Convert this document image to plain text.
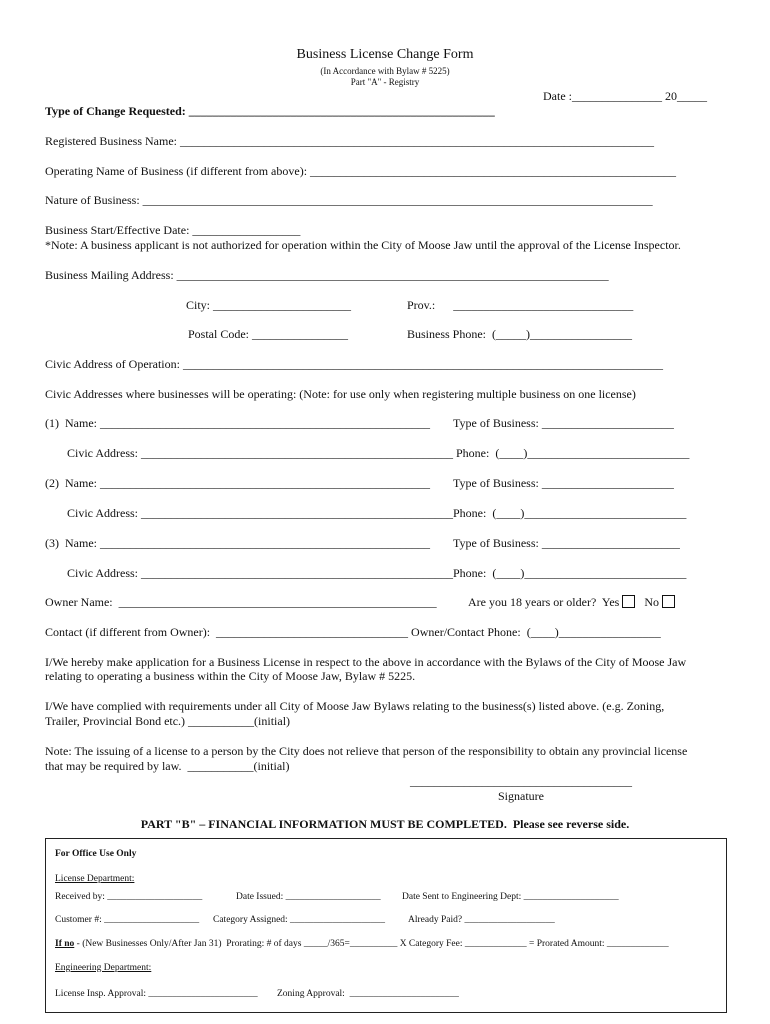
Business License Change Form
(In Accordance with Bylaw # 5225)
Part "A" - Registry
Date :_______________ 20_____
Type of Change Requested: ___________________________________________________
Registered Business Name: _______________________________________________________________________________
Operating Name of Business (if different from above): _____________________________________________________________
Nature of Business: _____________________________________________________________________________________
Business Start/Effective Date: __________________
*Note: A business applicant is not authorized for operation within the City of Moose Jaw until the approval of the License Inspector.
Business Mailing Address: ________________________________________________________________________
City: _______________________	Prov.:      ______________________________
Postal Code: ________________	Business Phone:  (_____)_________________
Civic Address of Operation: ________________________________________________________________________________
Civic Addresses where businesses will be operating: (Note: for use only when registering multiple business on one license)
(1)  Name: _______________________________________________________ Type of Business: ______________________
Civic Address: ____________________________________________________ Phone:  (____)___________________________
(2)  Name: _______________________________________________________ Type of Business: ______________________
Civic Address: ____________________________________________________ Phone:  (____)___________________________
(3)  Name: _______________________________________________________ Type of Business: _______________________
Civic Address: ____________________________________________________ Phone:  (____)___________________________
Owner Name:  _____________________________________________________	Are you 18 years or older? Yes No
Contact (if different from Owner):  ________________________________ Owner/Contact Phone:  (____)_________________
I/We hereby make application for a Business License in respect to the above in accordance with the Bylaws of the City of Moose Jaw
relating to operating a business within the City of Moose Jaw, Bylaw # 5225.
I/We have complied with requirements under all City of Moose Jaw Bylaws relating to the business(s) listed above. (e.g. Zoning,
Trailer, Provincial Bond etc.) ___________(initial)
Note: The issuing of a license to a person by the City does not relieve that person of the responsibility to obtain any provincial license
that may be required by law.  ___________(initial)
_____________________________________
Signature
PART "B" – FINANCIAL INFORMATION MUST BE COMPLETED.  Please see reverse side.
For Office Use Only
License Department:
Received by: ____________________	Date Issued: ____________________ Date Sent to Engineering Dept: ____________________
Customer #: ____________________ Category Assigned: ____________________ Already Paid? ___________________
If no - (New Businesses Only/After Jan 31)  Prorating: # of days _____/365=__________ X Category Fee: _____________ = Prorated Amount: _____________
Engineering Department:
License Insp. Approval: _______________________ Zoning Approval:  _______________________
